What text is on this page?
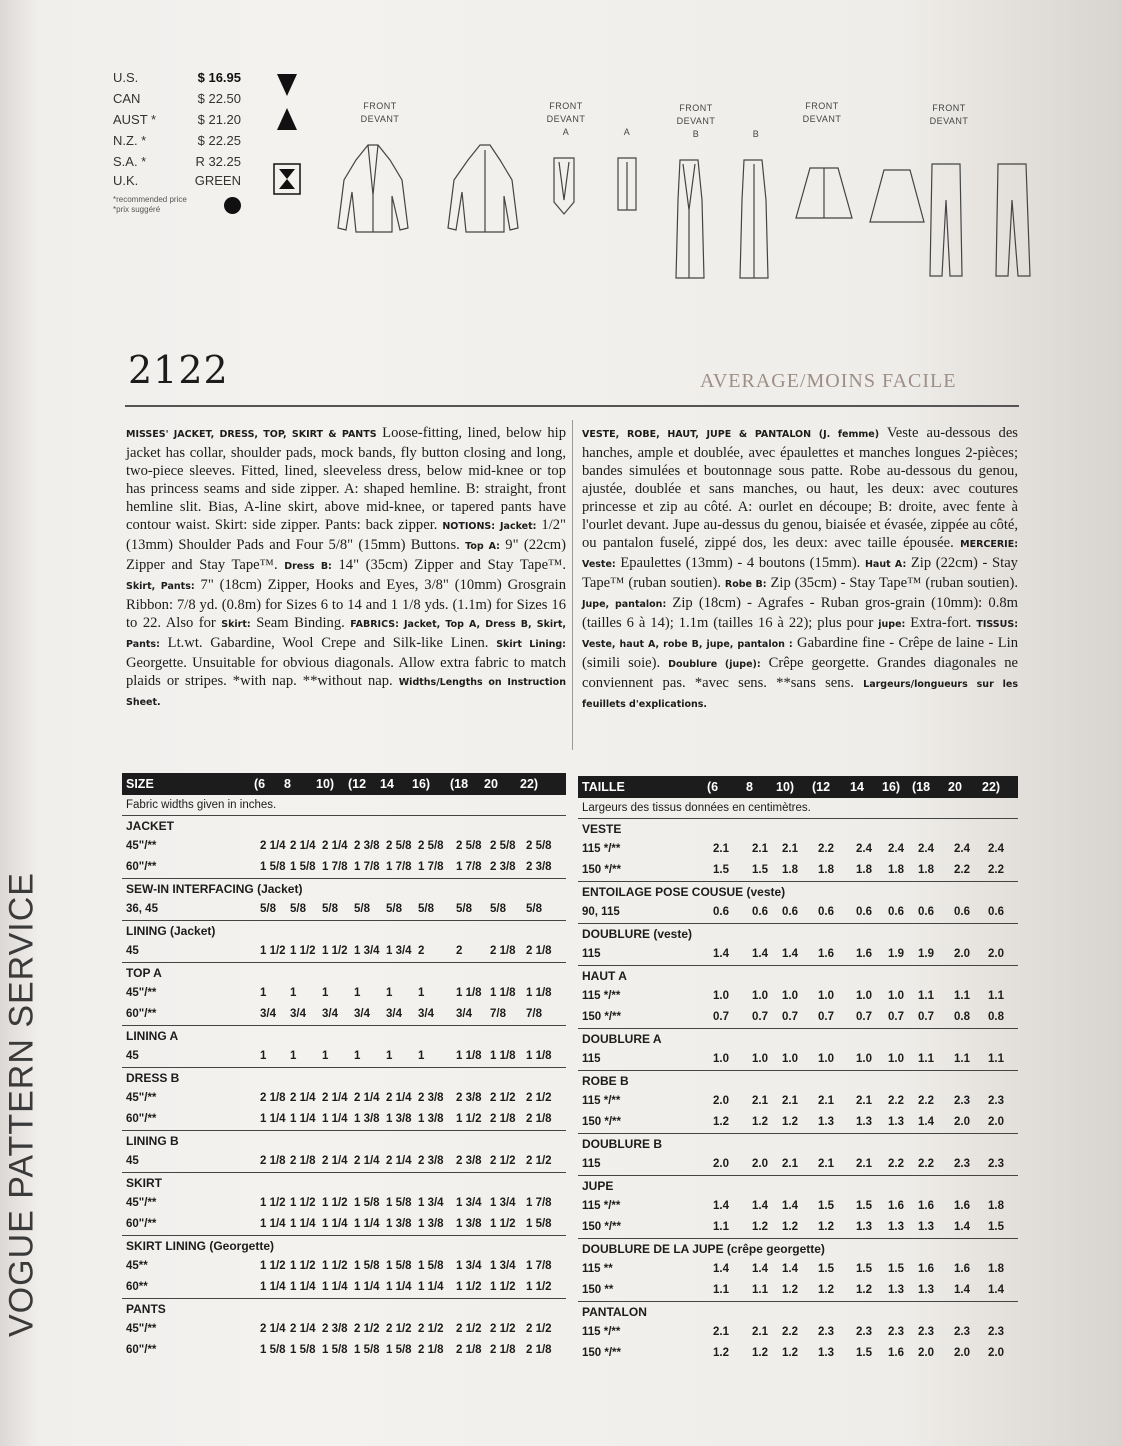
VOGUE PATTERN SERVICE
U.S.	$ 16.95
CAN	$ 22.50
AUST *	$ 21.20
N.Z. *	$ 22.25
S.A. *	R 32.25
U.K.	GREEN
*recommended price
*prix suggéré
FRONT
DEVANT
FRONT
DEVANT
A	A
FRONT
DEVANT
B	B
FRONT
DEVANT
FRONT
DEVANT
2122	AVERAGE/MOINS FACILE
MISSES' JACKET, DRESS, TOP, SKIRT & PANTS Loose-fitting, lined, below hip jacket has collar, shoulder pads, mock bands, fly button closing and long, two-piece sleeves. Fitted, lined, sleeveless dress, below mid-knee or top has princess seams and side zipper. A: shaped hemline. B: straight, front hemline slit. Bias, A-line skirt, above mid-knee, or tapered pants have contour waist. Skirt: side zipper. Pants: back zipper. NOTIONS: Jacket: 1/2" (13mm) Shoulder Pads and Four 5/8" (15mm) Buttons. Top A: 9" (22cm) Zipper and Stay Tape™. Dress B: 14" (35cm) Zipper and Stay Tape™. Skirt, Pants: 7" (18cm) Zipper, Hooks and Eyes, 3/8" (10mm) Grosgrain Ribbon: 7/8 yd. (0.8m) for Sizes 6 to 14 and 1 1/8 yds. (1.1m) for Sizes 16 to 22. Also for Skirt: Seam Binding. FABRICS: Jacket, Top A, Dress B, Skirt, Pants: Lt.wt. Gabardine, Wool Crepe and Silk-like Linen. Skirt Lining: Georgette. Unsuitable for obvious diagonals. Allow extra fabric to match plaids or stripes. *with nap. **without nap. Widths/Lengths on Instruction Sheet.
VESTE, ROBE, HAUT, JUPE & PANTALON (J. femme) Veste au-dessous des hanches, ample et doublée, avec épaulettes et manches longues 2-pièces; bandes simulées et boutonnage sous patte. Robe au-dessous du genou, ajustée, doublée et sans manches, ou haut, les deux: avec coutures princesse et zip au côté. A: ourlet en découpe; B: droite, avec fente à l'ourlet devant. Jupe au-dessus du genou, biaisée et évasée, zippée au côté, ou pantalon fuselé, zippé dos, les deux: avec taille épousée. MERCERIE: Veste: Epaulettes (13mm) - 4 boutons (15mm). Haut A: Zip (22cm) - Stay Tape™ (ruban soutien). Robe B: Zip (35cm) - Stay Tape™ (ruban soutien). Jupe, pantalon: Zip (18cm) - Agrafes - Ruban gros-grain (10mm): 0.8m (tailles 6 à 14); 1.1m (tailles 16 à 22); plus pour jupe: Extra-fort. TISSUS: Veste, haut A, robe B, jupe, pantalon : Gabardine fine - Crêpe de laine - Lin (simili soie). Doublure (jupe): Crêpe georgette. Grandes diagonales ne conviennent pas. *avec sens. **sans sens. Largeurs/longueurs sur les feuillets d'explications.
SIZE	(6 8 10) (12 14 16) (18 20 22)
Fabric widths given in inches.
JACKET
45"/**	2 1/4 2 1/4 2 1/4 2 3/8 2 5/8 2 5/8 2 5/8 2 5/8 2 5/8
60"/**	1 5/8 1 5/8 1 7/8 1 7/8 1 7/8 1 7/8 1 7/8 2 3/8 2 3/8
SEW-IN INTERFACING (Jacket)
36, 45	5/8 5/8 5/8 5/8 5/8 5/8 5/8 5/8 5/8
LINING (Jacket)
45	1 1/2 1 1/2 1 1/2 1 3/4 1 3/4 2	2 2 1/8 2 1/8
TOP A
45"/**	1 1 1 1 1 1	1 1/8 1 1/8 1 1/8
60"/**	3/4 3/4 3/4 3/4 3/4 3/4 3/4 7/8 7/8
LINING A
45	1 1 1 1 1 1	1 1/8 1 1/8 1 1/8
DRESS B
45"/**	2 1/8 2 1/4 2 1/4 2 1/4 2 1/4 2 3/8 2 3/8 2 1/2 2 1/2
60"/**	1 1/4 1 1/4 1 1/4 1 3/8 1 3/8 1 3/8 1 1/2 2 1/8 2 1/8
LINING B
45	2 1/8 2 1/8 2 1/4 2 1/4 2 1/4 2 3/8 2 3/8 2 1/2 2 1/2
SKIRT
45"/**	1 1/2 1 1/2 1 1/2 1 5/8 1 5/8 1 3/4 1 3/4 1 3/4 1 7/8
60"/**	1 1/4 1 1/4 1 1/4 1 1/4 1 3/8 1 3/8 1 3/8 1 1/2 1 5/8
SKIRT LINING (Georgette)
45**	1 1/2 1 1/2 1 1/2 1 5/8 1 5/8 1 5/8 1 3/4 1 3/4 1 7/8
60**	1 1/4 1 1/4 1 1/4 1 1/4 1 1/4 1 1/4 1 1/2 1 1/2 1 1/2
PANTS
45"/**	2 1/4 2 1/4 2 3/8 2 1/2 2 1/2 2 1/2 2 1/2 2 1/2 2 1/2
60"/**	1 5/8 1 5/8 1 5/8 1 5/8 1 5/8 2 1/8 2 1/8 2 1/8 2 1/8
TAILLE	(6 8 10) (12 14 16) (18 20 22)
Largeurs des tissus données en centimètres.
VESTE
115 */**	2.1 2.1 2.1 2.2 2.4 2.4 2.4 2.4 2.4
150 */**	1.5 1.5 1.8 1.8 1.8 1.8 1.8 2.2 2.2
ENTOILAGE POSE COUSUE (veste)
90, 115	0.6 0.6 0.6 0.6 0.6 0.6 0.6 0.6 0.6
DOUBLURE (veste)
115	1.4 1.4 1.4 1.6 1.6 1.9 1.9 2.0 2.0
HAUT A
115 */**	1.0 1.0 1.0 1.0 1.0 1.0 1.1 1.1 1.1
150 */**	0.7 0.7 0.7 0.7 0.7 0.7 0.7 0.8 0.8
DOUBLURE A
115	1.0 1.0 1.0 1.0 1.0 1.0 1.1 1.1 1.1
ROBE B
115 */**	2.0 2.1 2.1 2.1 2.1 2.2 2.2 2.3 2.3
150 */**	1.2 1.2 1.2 1.3 1.3 1.3 1.4 2.0 2.0
DOUBLURE B
115	2.0 2.0 2.1 2.1 2.1 2.2 2.2 2.3 2.3
JUPE
115 */**	1.4 1.4 1.4 1.5 1.5 1.6 1.6 1.6 1.8
150 */**	1.1 1.2 1.2 1.2 1.3 1.3 1.3 1.4 1.5
DOUBLURE DE LA JUPE (crêpe georgette)
115 **	1.4 1.4 1.4 1.5 1.5 1.5 1.6 1.6 1.8
150 **	1.1 1.1 1.2 1.2 1.2 1.3 1.3 1.4 1.4
PANTALON
115 */**	2.1 2.1 2.2 2.3 2.3 2.3 2.3 2.3 2.3
150 */**	1.2 1.2 1.2 1.3 1.5 1.6 2.0 2.0 2.0
